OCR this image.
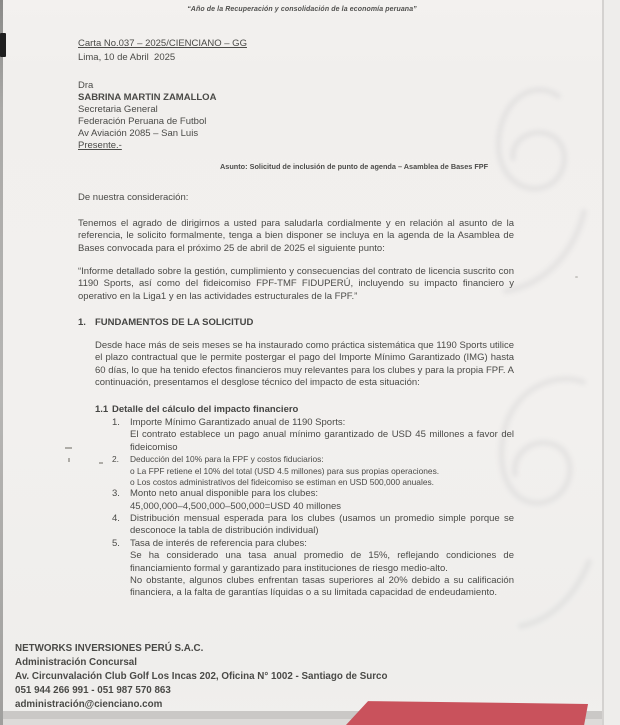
“Año de la Recuperación y consolidación de la economía peruana”
Carta No.037 – 2025/CIENCIANO – GG
Lima, 10 de Abril  2025
Dra
SABRINA MARTIN ZAMALLOA
Secretaria General
Federación Peruana de Futbol
Av Aviación 2085 – San Luis
Presente.-
Asunto: Solicitud de inclusión de punto de agenda – Asamblea de Bases FPF
De nuestra consideración:
Tenemos el agrado de dirigirnos a usted para saludarla cordialmente y en relación al asunto de la referencia, le solicito formalmente, tenga a bien disponer se incluya en la agenda de la Asamblea de Bases convocada para el próximo 25 de abril de 2025 el siguiente punto:
“Informe detallado sobre la gestión, cumplimiento y consecuencias del contrato de licencia suscrito con 1190 Sports, así como del fideicomiso FPF-TMF FIDUPERÚ, incluyendo su impacto financiero y operativo en la Liga1 y en las actividades estructurales de la FPF.”
1. FUNDAMENTOS DE LA SOLICITUD
Desde hace más de seis meses se ha instaurado como práctica sistemática que 1190 Sports utilice el plazo contractual que le permite postergar el pago del Importe Mínimo Garantizado (IMG) hasta 60 días, lo que ha tenido efectos financieros muy relevantes para los clubes y para la propia FPF. A continuación, presentamos el desglose técnico del impacto de esta situación:
1.1 Detalle del cálculo del impacto financiero
1. Importe Mínimo Garantizado anual de 1190 Sports:
El contrato establece un pago anual mínimo garantizado de USD 45 millones a favor del fideicomiso
2. Deducción del 10% para la FPF y costos fiduciarios:
o La FPF retiene el 10% del total (USD 4.5 millones) para sus propias operaciones.
o Los costos administrativos del fideicomiso se estiman en USD 500,000 anuales.
3. Monto neto anual disponible para los clubes:
45,000,000–4,500,000–500,000=USD 40 millones
4. Distribución mensual esperada para los clubes (usamos un promedio simple porque se desconoce la tabla de distribución individual)
5. Tasa de interés de referencia para clubes:
Se ha considerado una tasa anual promedio de 15%, reflejando condiciones de financiamiento formal y garantizado para instituciones de riesgo medio-alto.
No obstante, algunos clubes enfrentan tasas superiores al 20% debido a su calificación financiera, a la falta de garantías líquidas o a su limitada capacidad de endeudamiento.
NETWORKS INVERSIONES PERÚ S.A.C.
Administración Concursal
Av. Circunvalación Club Golf Los Incas 202, Oficina N° 1002 - Santiago de Surco
051 944 266 991 - 051 987 570 863
administración@cienciano.com
